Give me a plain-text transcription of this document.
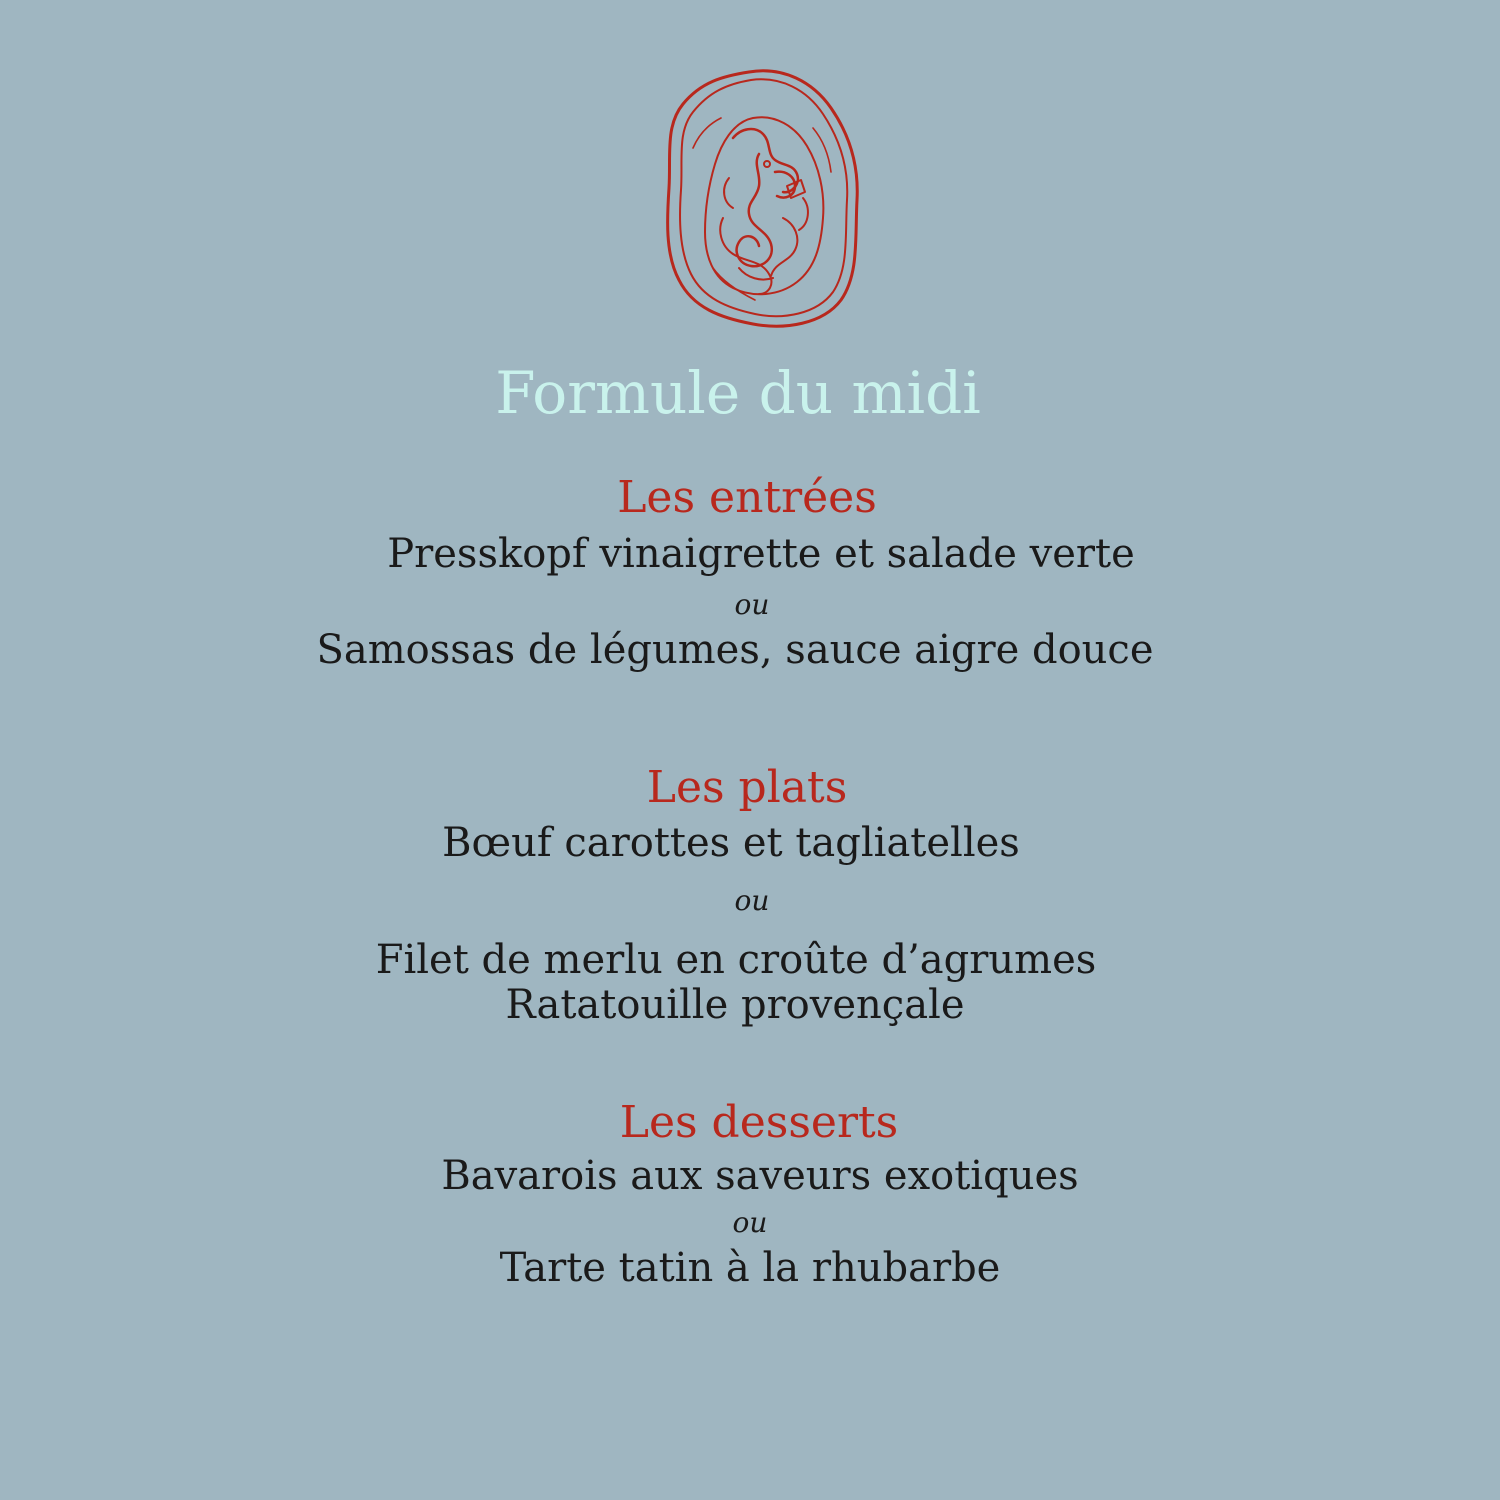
Formule du midi
Les entrées
Presskopf vinaigrette et salade verte
ou
Samossas de légumes, sauce aigre douce
Les plats
Bœuf carottes et tagliatelles
ou
Filet de merlu en croûte d’agrumes
Ratatouille provençale
Les desserts
Bavarois aux saveurs exotiques
ou
Tarte tatin à la rhubarbe
